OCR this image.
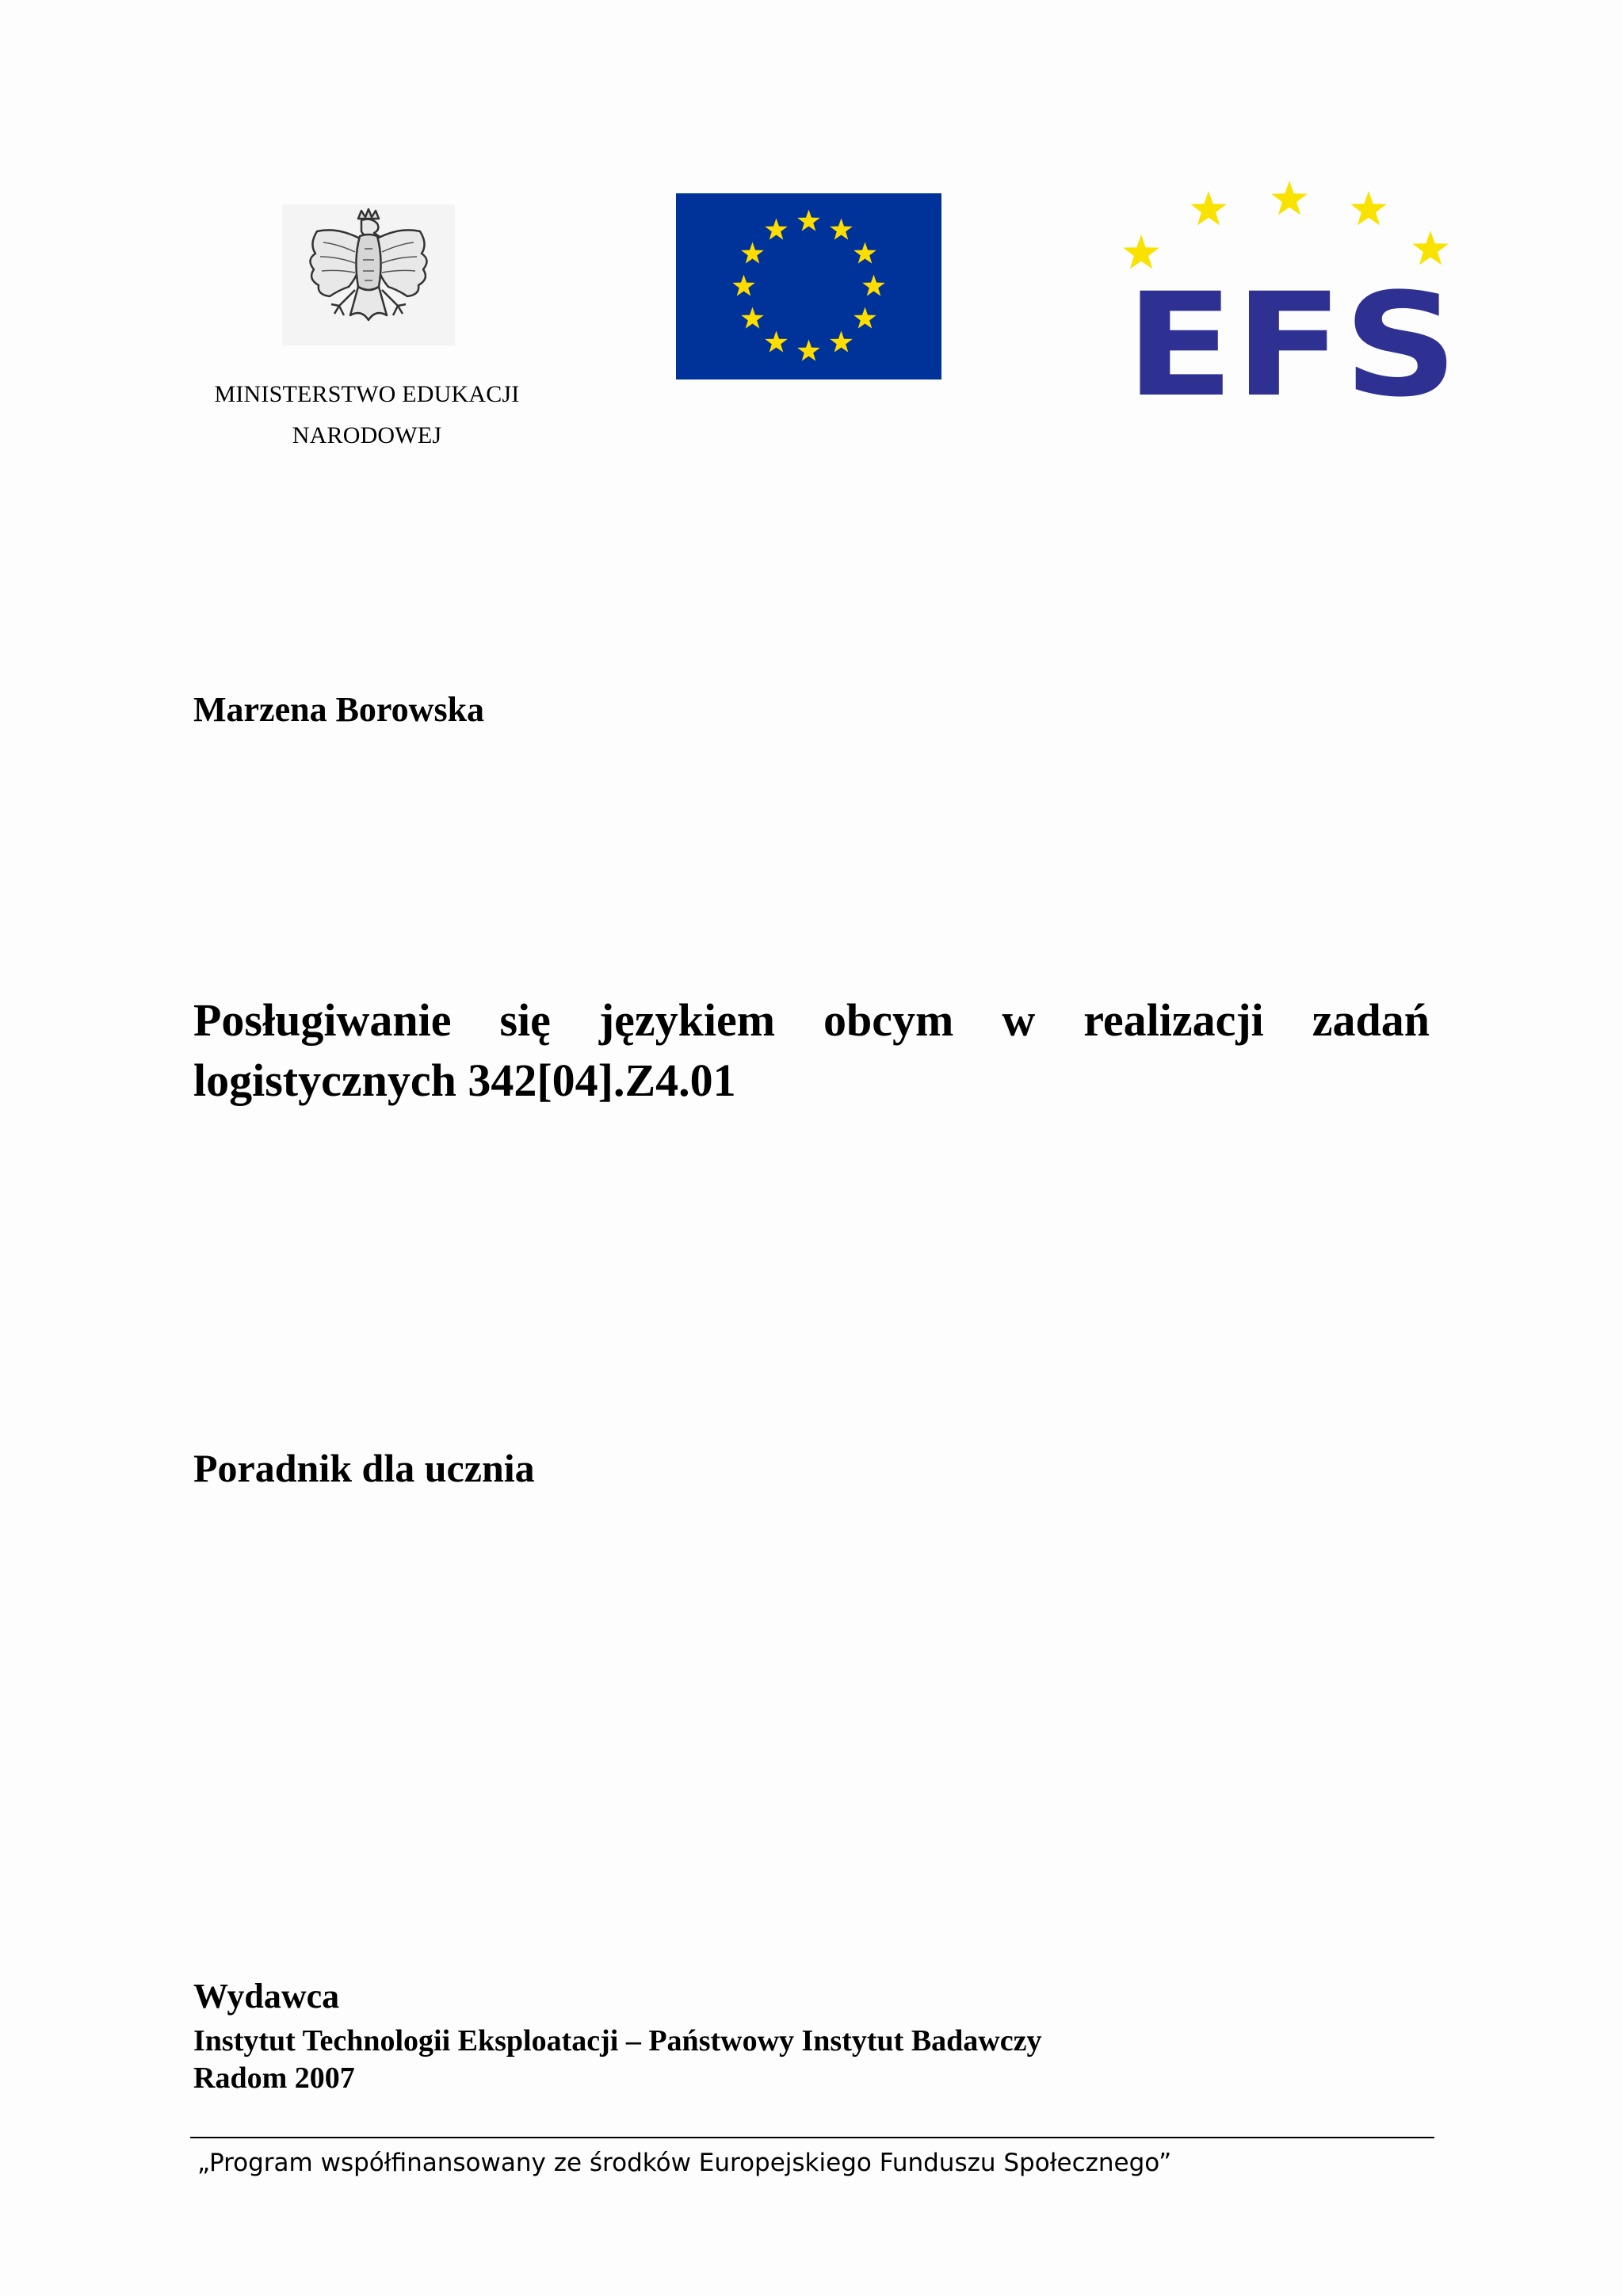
MINISTERSTWO EDUKACJI
NARODOWEJ
EFS
Marzena Borowska
Posługiwanie się językiem obcym w realizacji zadań
logistycznych 342[04].Z4.01
Poradnik dla ucznia
Wydawca
Instytut Technologii Eksploatacji – Państwowy Instytut Badawczy
Radom 2007
„Program współfinansowany ze środków Europejskiego Funduszu Społecznego”
